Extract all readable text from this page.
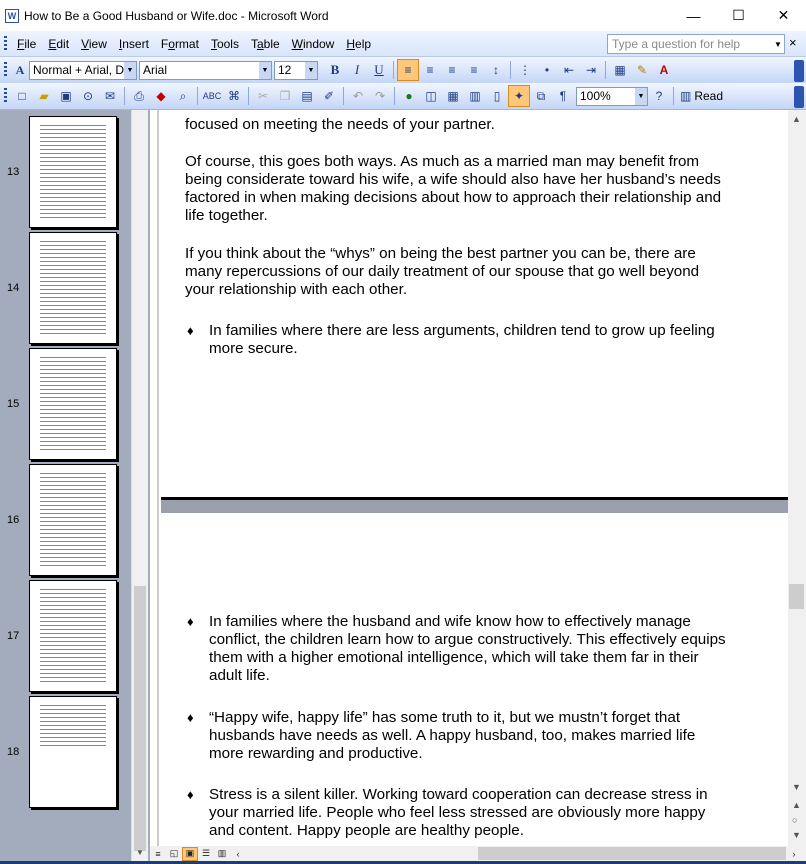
W How to Be a Good Husband or Wife.doc - Microsoft Word	—	☐	✕
File	Edit	View	Insert	Format	Tools	Table	Window	Help	Type a question for help	▼ ×
A Normal + Arial, D ▼ Arial	▼ 12	▼ B I U	≡	≡	≡	≡	↕	⋮	•	⇤ ⇥	▦ ✎	A
□	▰ ▣ ⊙ ✉	⎙	◆	⌕	ABC ⌘	✂ ❐ ▤ ✐	↶ ↷	●	◫ ▦ ▥	▯	✦	⧉	¶	100%	▼ ?	▥ Read
13
14
15
16
17
18
▼
focused on meeting the needs of your partner.
Of course, this goes both ways. As much as a married man may benefit from
being considerate toward his wife, a wife should also have her husband’s needs
factored in when making decisions about how to approach their relationship and
life together.
If you think about the “whys” on being the best partner you can be, there are
many repercussions of our daily treatment of our spouse that go well beyond
your relationship with each other.
♦ In families where there are less arguments, children tend to grow up feeling
more secure.
♦ In families where the husband and wife know how to effectively manage
conflict, the children learn how to argue constructively. This effectively equips
them with a higher emotional intelligence, which will take them far in their
adult life.
♦ “Happy wife, happy life” has some truth to it, but we mustn’t forget that
husbands have needs as well. A happy husband, too, makes married life
more rewarding and productive.
♦ Stress is a silent killer. Working toward cooperation can decrease stress in
your married life. People who feel less stressed are obviously more happy
and content. Happy people are healthy people.
▲
▼
▲
○
▼
≡	◱ ▣ ☰ ▥	‹	›
